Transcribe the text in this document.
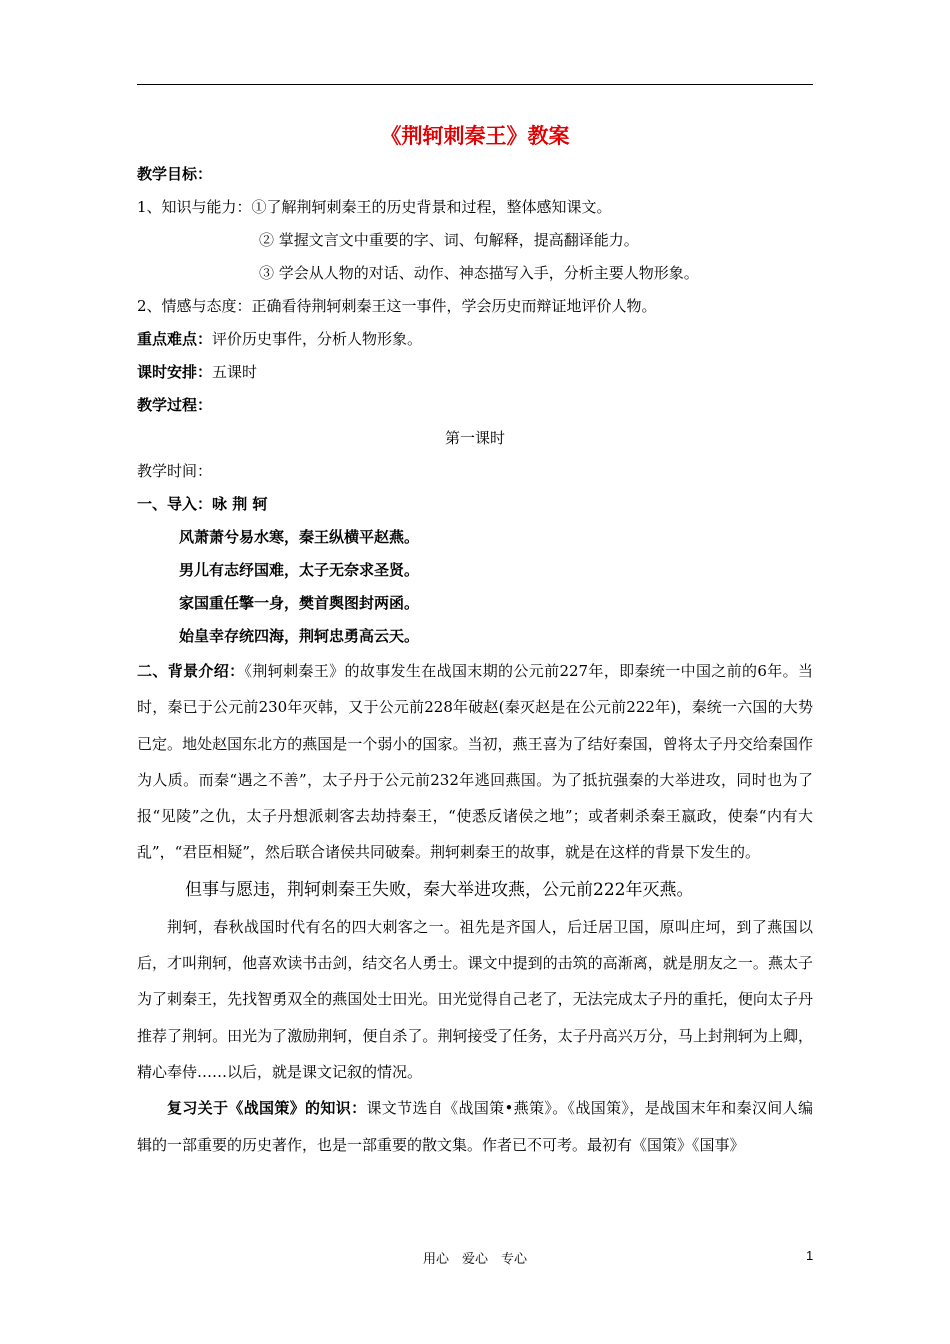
《荆轲刺秦王》教案

教学目标：

1、知识与能力：①了解荆轲刺秦王的历史背景和过程，整体感知课文。

② 掌握文言文中重要的字、词、句解释，提高翻译能力。

③ 学会从人物的对话、动作、神态描写入手，分析主要人物形象。

2、情感与态度：正确看待荆轲刺秦王这一事件，学会历史而辩证地评价人物。

重点难点：评价历史事件，分析人物形象。

课时安排：五课时

教学过程：

第一课时

教学时间：

一、导入：咏 荆 轲

风萧萧兮易水寒，秦王纵横平赵燕。

男儿有志纾国难，太子无奈求圣贤。

家国重任擎一身，樊首舆图封两函。

始皇幸存统四海，荆轲忠勇高云天。

二、背景介绍：《荆轲刺秦王》的故事发生在战国末期的公元前227年，即秦统一中国之前的6年。当时，秦已于公元前230年灭韩，又于公元前228年破赵(秦灭赵是在公元前222年)，秦统一六国的大势已定。地处赵国东北方的燕国是一个弱小的国家。当初，燕王喜为了结好秦国，曾将太子丹交给秦国作为人质。而秦“遇之不善”，太子丹于公元前232年逃回燕国。为了抵抗强秦的大举进攻，同时也为了报“见陵”之仇，太子丹想派刺客去劫持秦王，“使悉反诸侯之地”；或者刺杀秦王嬴政，使秦“内有大乱”，“君臣相疑”，然后联合诸侯共同破秦。荆轲刺秦王的故事，就是在这样的背景下发生的。

但事与愿违，荆轲刺秦王失败，秦大举进攻燕，公元前222年灭燕。

荆轲，春秋战国时代有名的四大刺客之一。祖先是齐国人，后迁居卫国，原叫庄坷，到了燕国以后，才叫荆轲，他喜欢读书击剑，结交名人勇士。课文中提到的击筑的高渐离，就是朋友之一。燕太子为了刺秦王，先找智勇双全的燕国处士田光。田光觉得自己老了，无法完成太子丹的重托，便向太子丹推荐了荆轲。田光为了激励荆轲，便自杀了。荆轲接受了任务，太子丹高兴万分，马上封荆轲为上卿，精心奉侍……以后，就是课文记叙的情况。

复习关于《战国策》的知识：课文节选自《战国策•燕策》。《战国策》，是战国末年和秦汉间人编辑的一部重要的历史著作，也是一部重要的散文集。作者已不可考。最初有《国策》《国事》

用心　爱心　专心	1
